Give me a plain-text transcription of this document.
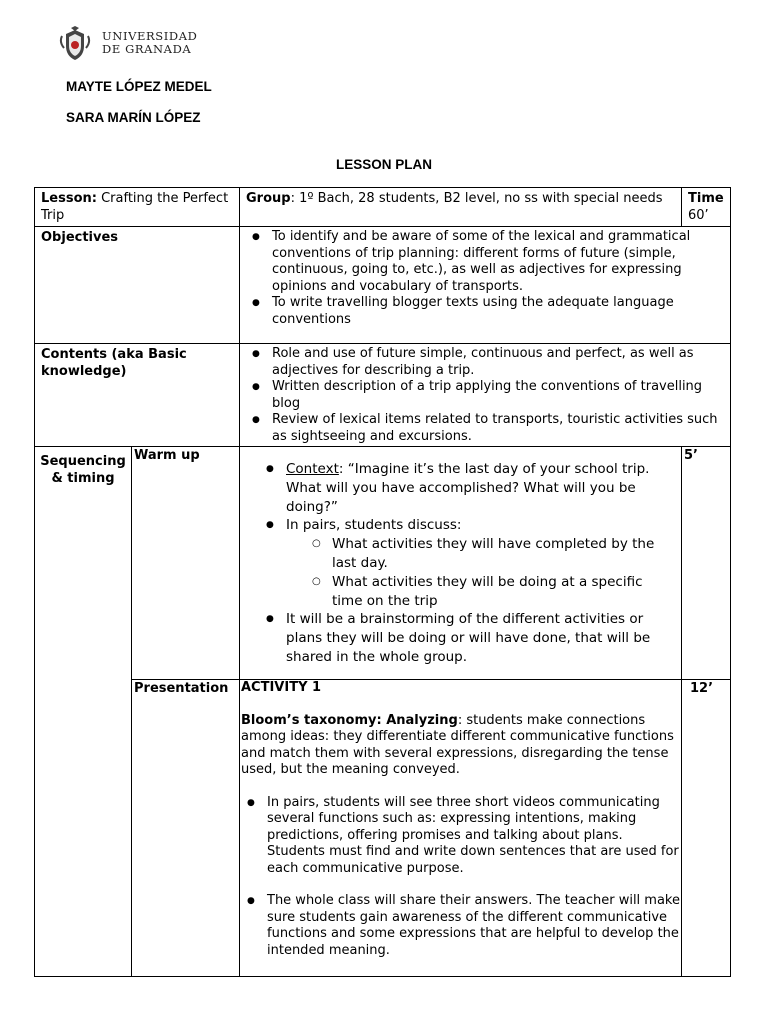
UNIVERSIDAD
DE GRANADA
MAYTE LÓPEZ MEDEL
SARA MARÍN LÓPEZ
LESSON PLAN
Lesson: Crafting the Perfect Trip
Group: 1º Bach, 28 students, B2 level, no ss with special needs	Time
60’
Objectives
●	To identify and be aware of some of the lexical and grammatical conventions of trip planning: different forms of future (simple, continuous, going to, etc.), as well as adjectives for expressing opinions and vocabulary of transports.
● To write travelling blogger texts using the adequate language conventions
Contents (aka Basic knowledge)
● Role and use of future simple, continuous and perfect, as well as adjectives for describing a trip.
● Written description of a trip applying the conventions of travelling blog
● Review of lexical items related to transports, touristic activities such as sightseeing and excursions.
Sequencing & timing
Warm up
● Context: “Imagine it’s the last day of your school trip. What will you have accomplished? What will you be doing?”
● In pairs, students discuss:
○ What activities they will have completed by the last day.
○ What activities they will be doing at a specific time on the trip
● It will be a brainstorming of the different activities or plans they will be doing or will have done, that will be shared in the whole group.
5’
Presentation ACTIVITY 1
Bloom’s taxonomy: Analyzing: students make connections among ideas: they differentiate different communicative functions and match them with several expressions, disregarding the tense used, but the meaning conveyed.
● In pairs, students will see three short videos communicating several functions such as: expressing intentions, making predictions, offering promises and talking about plans. Students must find and write down sentences that are used for each communicative purpose.
● The whole class will share their answers. The teacher will make sure students gain awareness of the different communicative functions and some expressions that are helpful to develop the intended meaning.
12’
